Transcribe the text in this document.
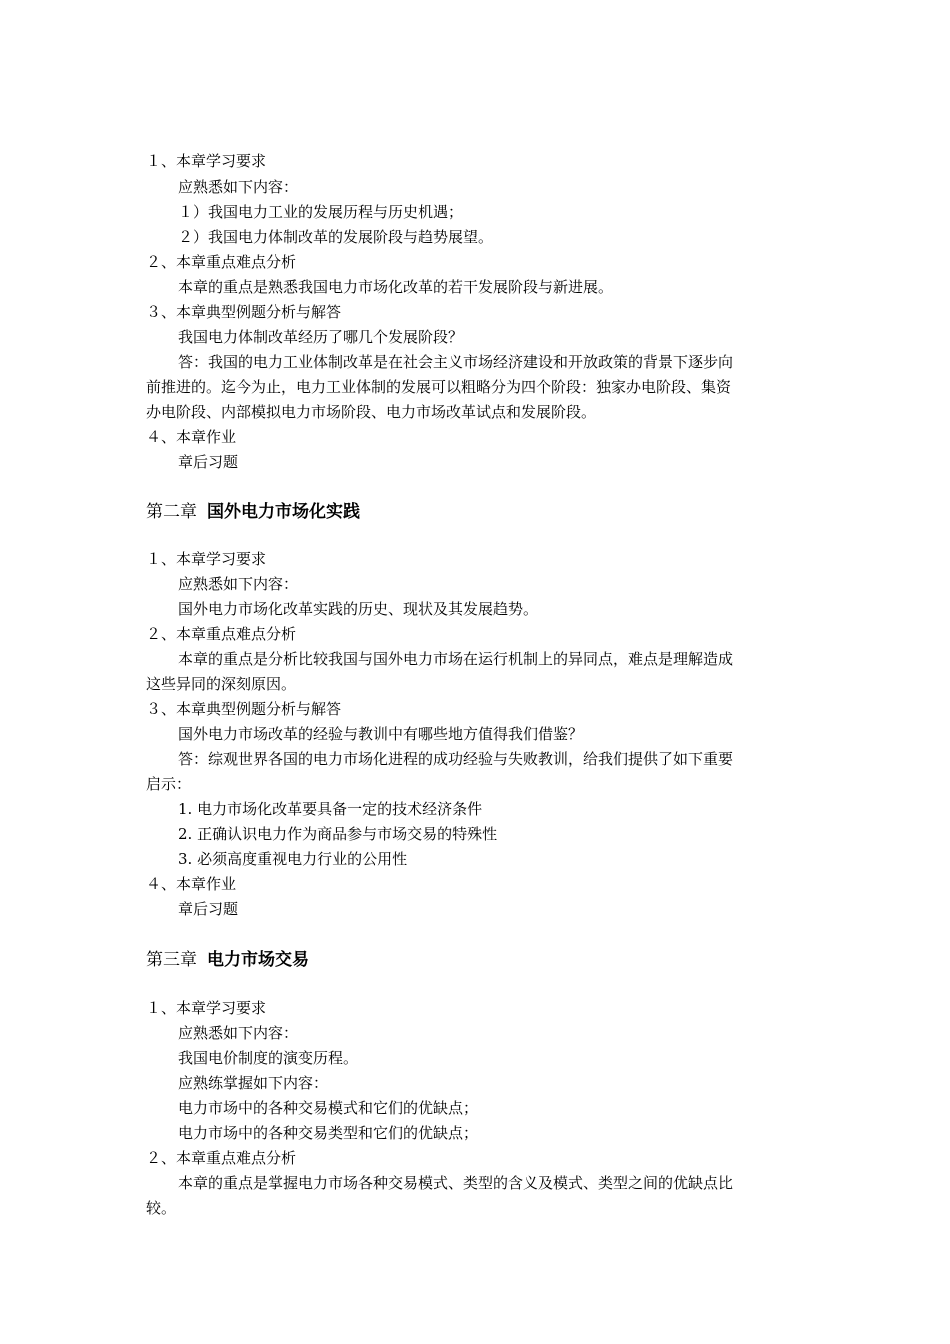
１、本章学习要求
应熟悉如下内容：
１）我国电力工业的发展历程与历史机遇；
２）我国电力体制改革的发展阶段与趋势展望。
２、本章重点难点分析
本章的重点是熟悉我国电力市场化改革的若干发展阶段与新进展。
３、本章典型例题分析与解答
我国电力体制改革经历了哪几个发展阶段？
答：我国的电力工业体制改革是在社会主义市场经济建设和开放政策的背景下逐步向
前推进的。迄今为止，电力工业体制的发展可以粗略分为四个阶段：独家办电阶段、集资
办电阶段、内部模拟电力市场阶段、电力市场改革试点和发展阶段。
４、本章作业
章后习题
第二章 国外电力市场化实践
１、本章学习要求
应熟悉如下内容：
国外电力市场化改革实践的历史、现状及其发展趋势。
２、本章重点难点分析
本章的重点是分析比较我国与国外电力市场在运行机制上的异同点，难点是理解造成
这些异同的深刻原因。
３、本章典型例题分析与解答
国外电力市场改革的经验与教训中有哪些地方值得我们借鉴？
答：综观世界各国的电力市场化进程的成功经验与失败教训，给我们提供了如下重要
启示：
1. 电力市场化改革要具备一定的技术经济条件
2. 正确认识电力作为商品参与市场交易的特殊性
3. 必须高度重视电力行业的公用性
４、本章作业
章后习题
第三章 电力市场交易
１、本章学习要求
应熟悉如下内容：
我国电价制度的演变历程。
应熟练掌握如下内容：
电力市场中的各种交易模式和它们的优缺点；
电力市场中的各种交易类型和它们的优缺点；
２、本章重点难点分析
本章的重点是掌握电力市场各种交易模式、类型的含义及模式、类型之间的优缺点比
较。
